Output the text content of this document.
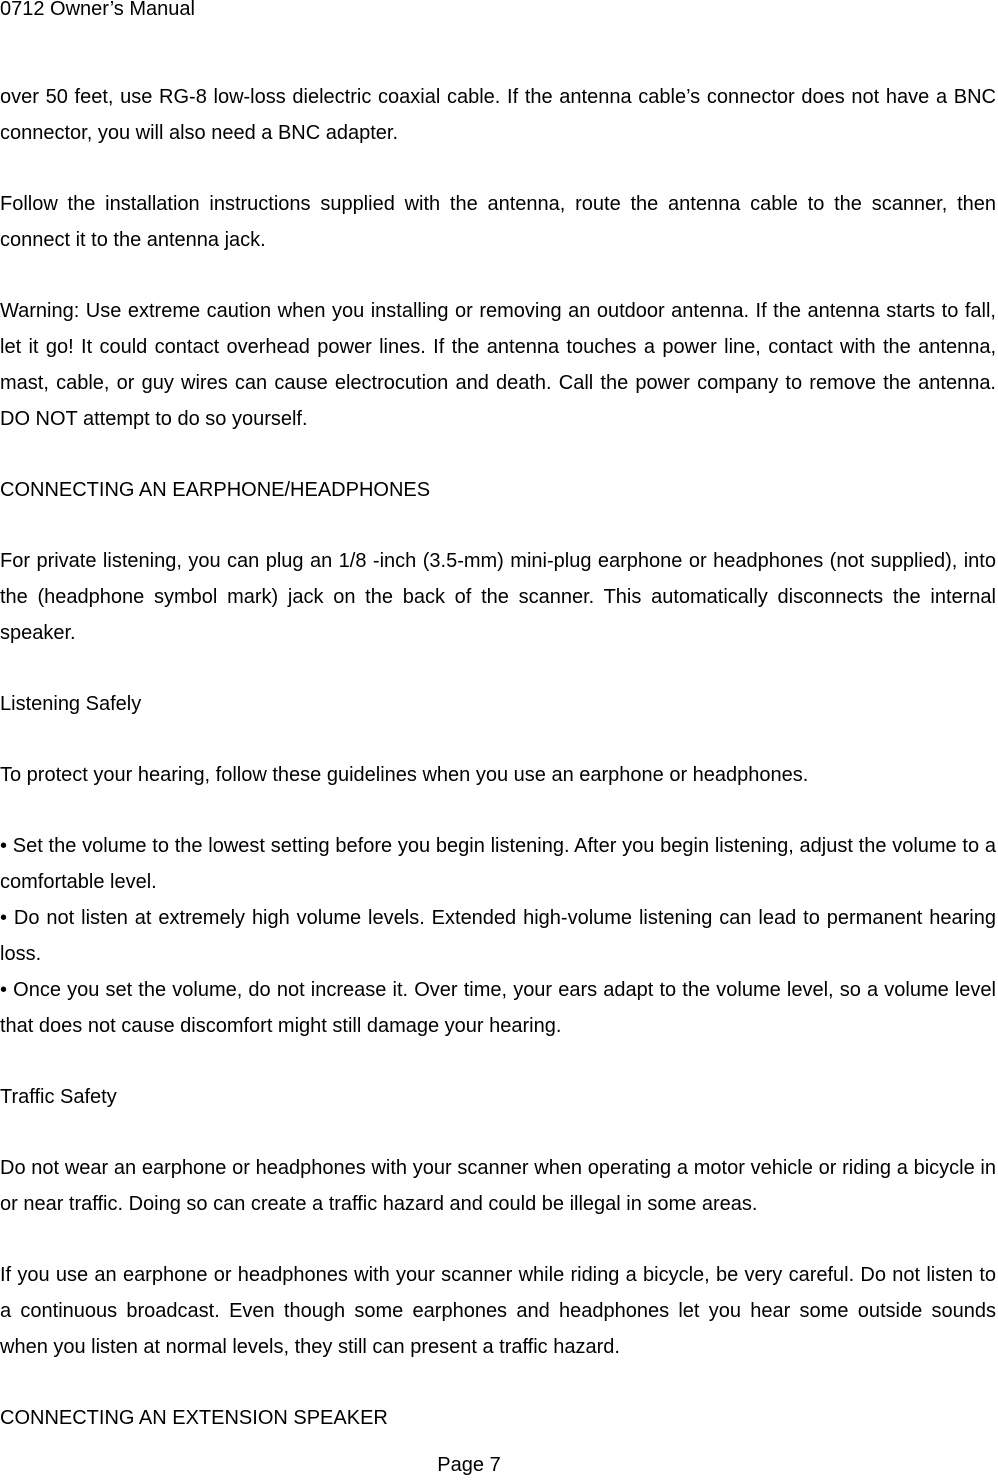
0712 Owner’s Manual

over 50 feet, use RG-8 low-loss dielectric coaxial cable. If the antenna cable’s connector does not have a BNC connector, you will also need a BNC adapter.

Follow the installation instructions supplied with the antenna, route the antenna cable to the scanner, then connect it to the antenna jack.

Warning: Use extreme caution when you installing or removing an outdoor antenna. If the antenna starts to fall, let it go! It could contact overhead power lines. If the antenna touches a power line, contact with the antenna, mast, cable, or guy wires can cause electrocution and death. Call the power company to remove the antenna. DO NOT attempt to do so yourself.

CONNECTING AN EARPHONE/HEADPHONES

For private listening, you can plug an 1/8 -inch (3.5-mm) mini-plug earphone or headphones (not supplied), into the (headphone symbol mark) jack on the back of the scanner. This automatically disconnects the internal speaker.

Listening Safely

To protect your hearing, follow these guidelines when you use an earphone or headphones.

• Set the volume to the lowest setting before you begin listening. After you begin listening, adjust the volume to a comfortable level.

• Do not listen at extremely high volume levels. Extended high-volume listening can lead to permanent hearing loss.

• Once you set the volume, do not increase it. Over time, your ears adapt to the volume level, so a volume level that does not cause discomfort might still damage your hearing.

Traffic Safety

Do not wear an earphone or headphones with your scanner when operating a motor vehicle or riding a bicycle in or near traffic. Doing so can create a traffic hazard and could be illegal in some areas.

If you use an earphone or headphones with your scanner while riding a bicycle, be very careful. Do not listen to a continuous broadcast. Even though some earphones and headphones let you hear some outside sounds when you listen at normal levels, they still can present a traffic hazard.

CONNECTING AN EXTENSION SPEAKER

Page 7
